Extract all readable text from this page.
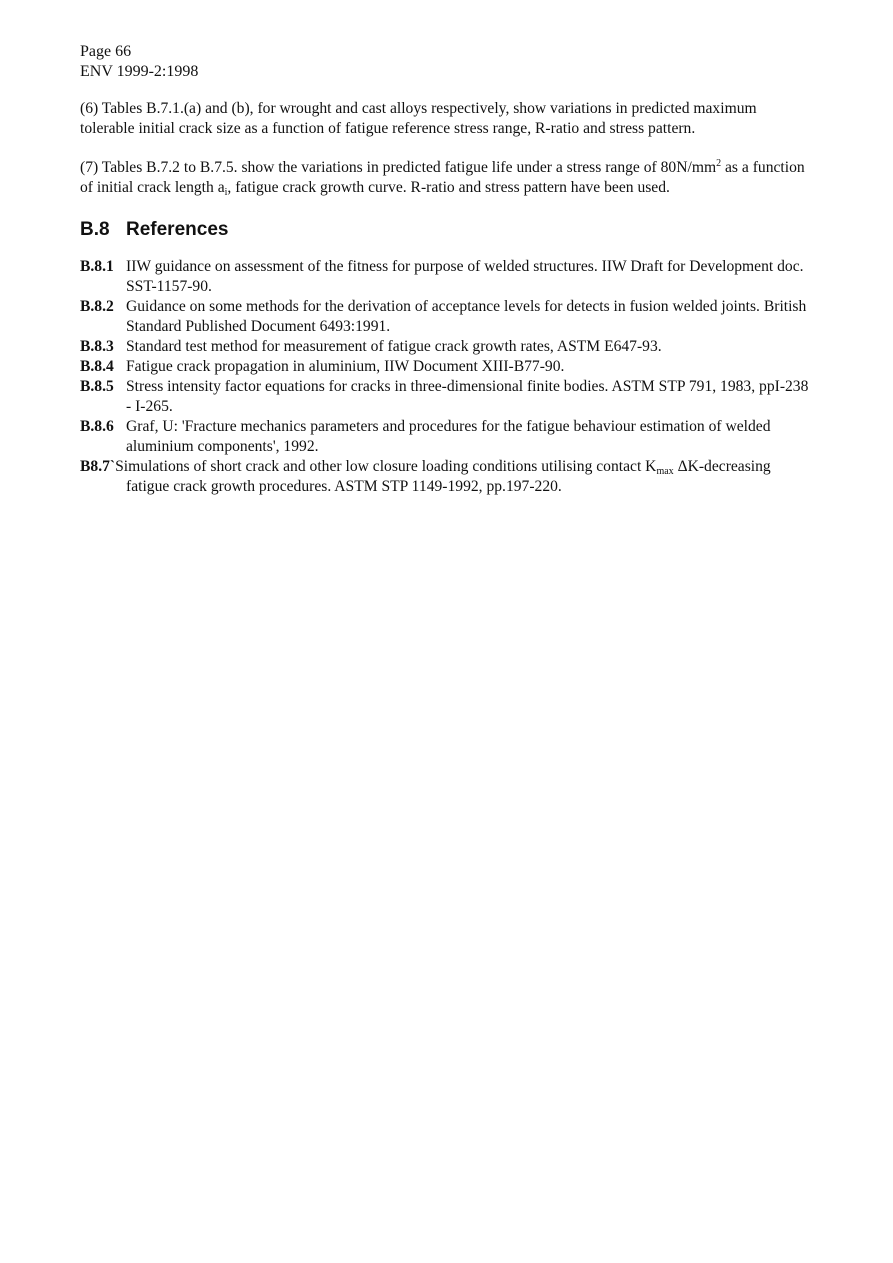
Page 66
ENV 1999-2:1998
(6) Tables B.7.1.(a) and (b), for wrought and cast alloys respectively, show variations in predicted maximum tolerable initial crack size as a function of fatigue reference stress range, R-ratio and stress pattern.
(7) Tables B.7.2 to B.7.5. show the variations in predicted fatigue life under a stress range of $80N/mm^2$ as a function of initial crack length $a_i$, fatigue crack growth curve. R-ratio and stress pattern have been used.
B.8 References
B.8.1 IIW guidance on assessment of the fitness for purpose of welded structures. IIW Draft for Development doc. SST-1157-90.
B.8.2 Guidance on some methods for the derivation of acceptance levels for detects in fusion welded joints. British Standard Published Document 6493:1991.
B.8.3 Standard test method for measurement of fatigue crack growth rates, ASTM E647-93.
B.8.4 Fatigue crack propagation in aluminium, IIW Document XIII-B77-90.
B.8.5 Stress intensity factor equations for cracks in three-dimensional finite bodies. ASTM STP 791, 1983, ppI-238 - I-265.
B.8.6 Graf, U: 'Fracture mechanics parameters and procedures for the fatigue behaviour estimation of welded aluminium components', 1992.
B8.7`Simulations of short crack and other low closure loading conditions utilising contact $K_{max}$ ΔK-decreasing fatigue crack growth procedures. ASTM STP 1149-1992, pp.197-220.
